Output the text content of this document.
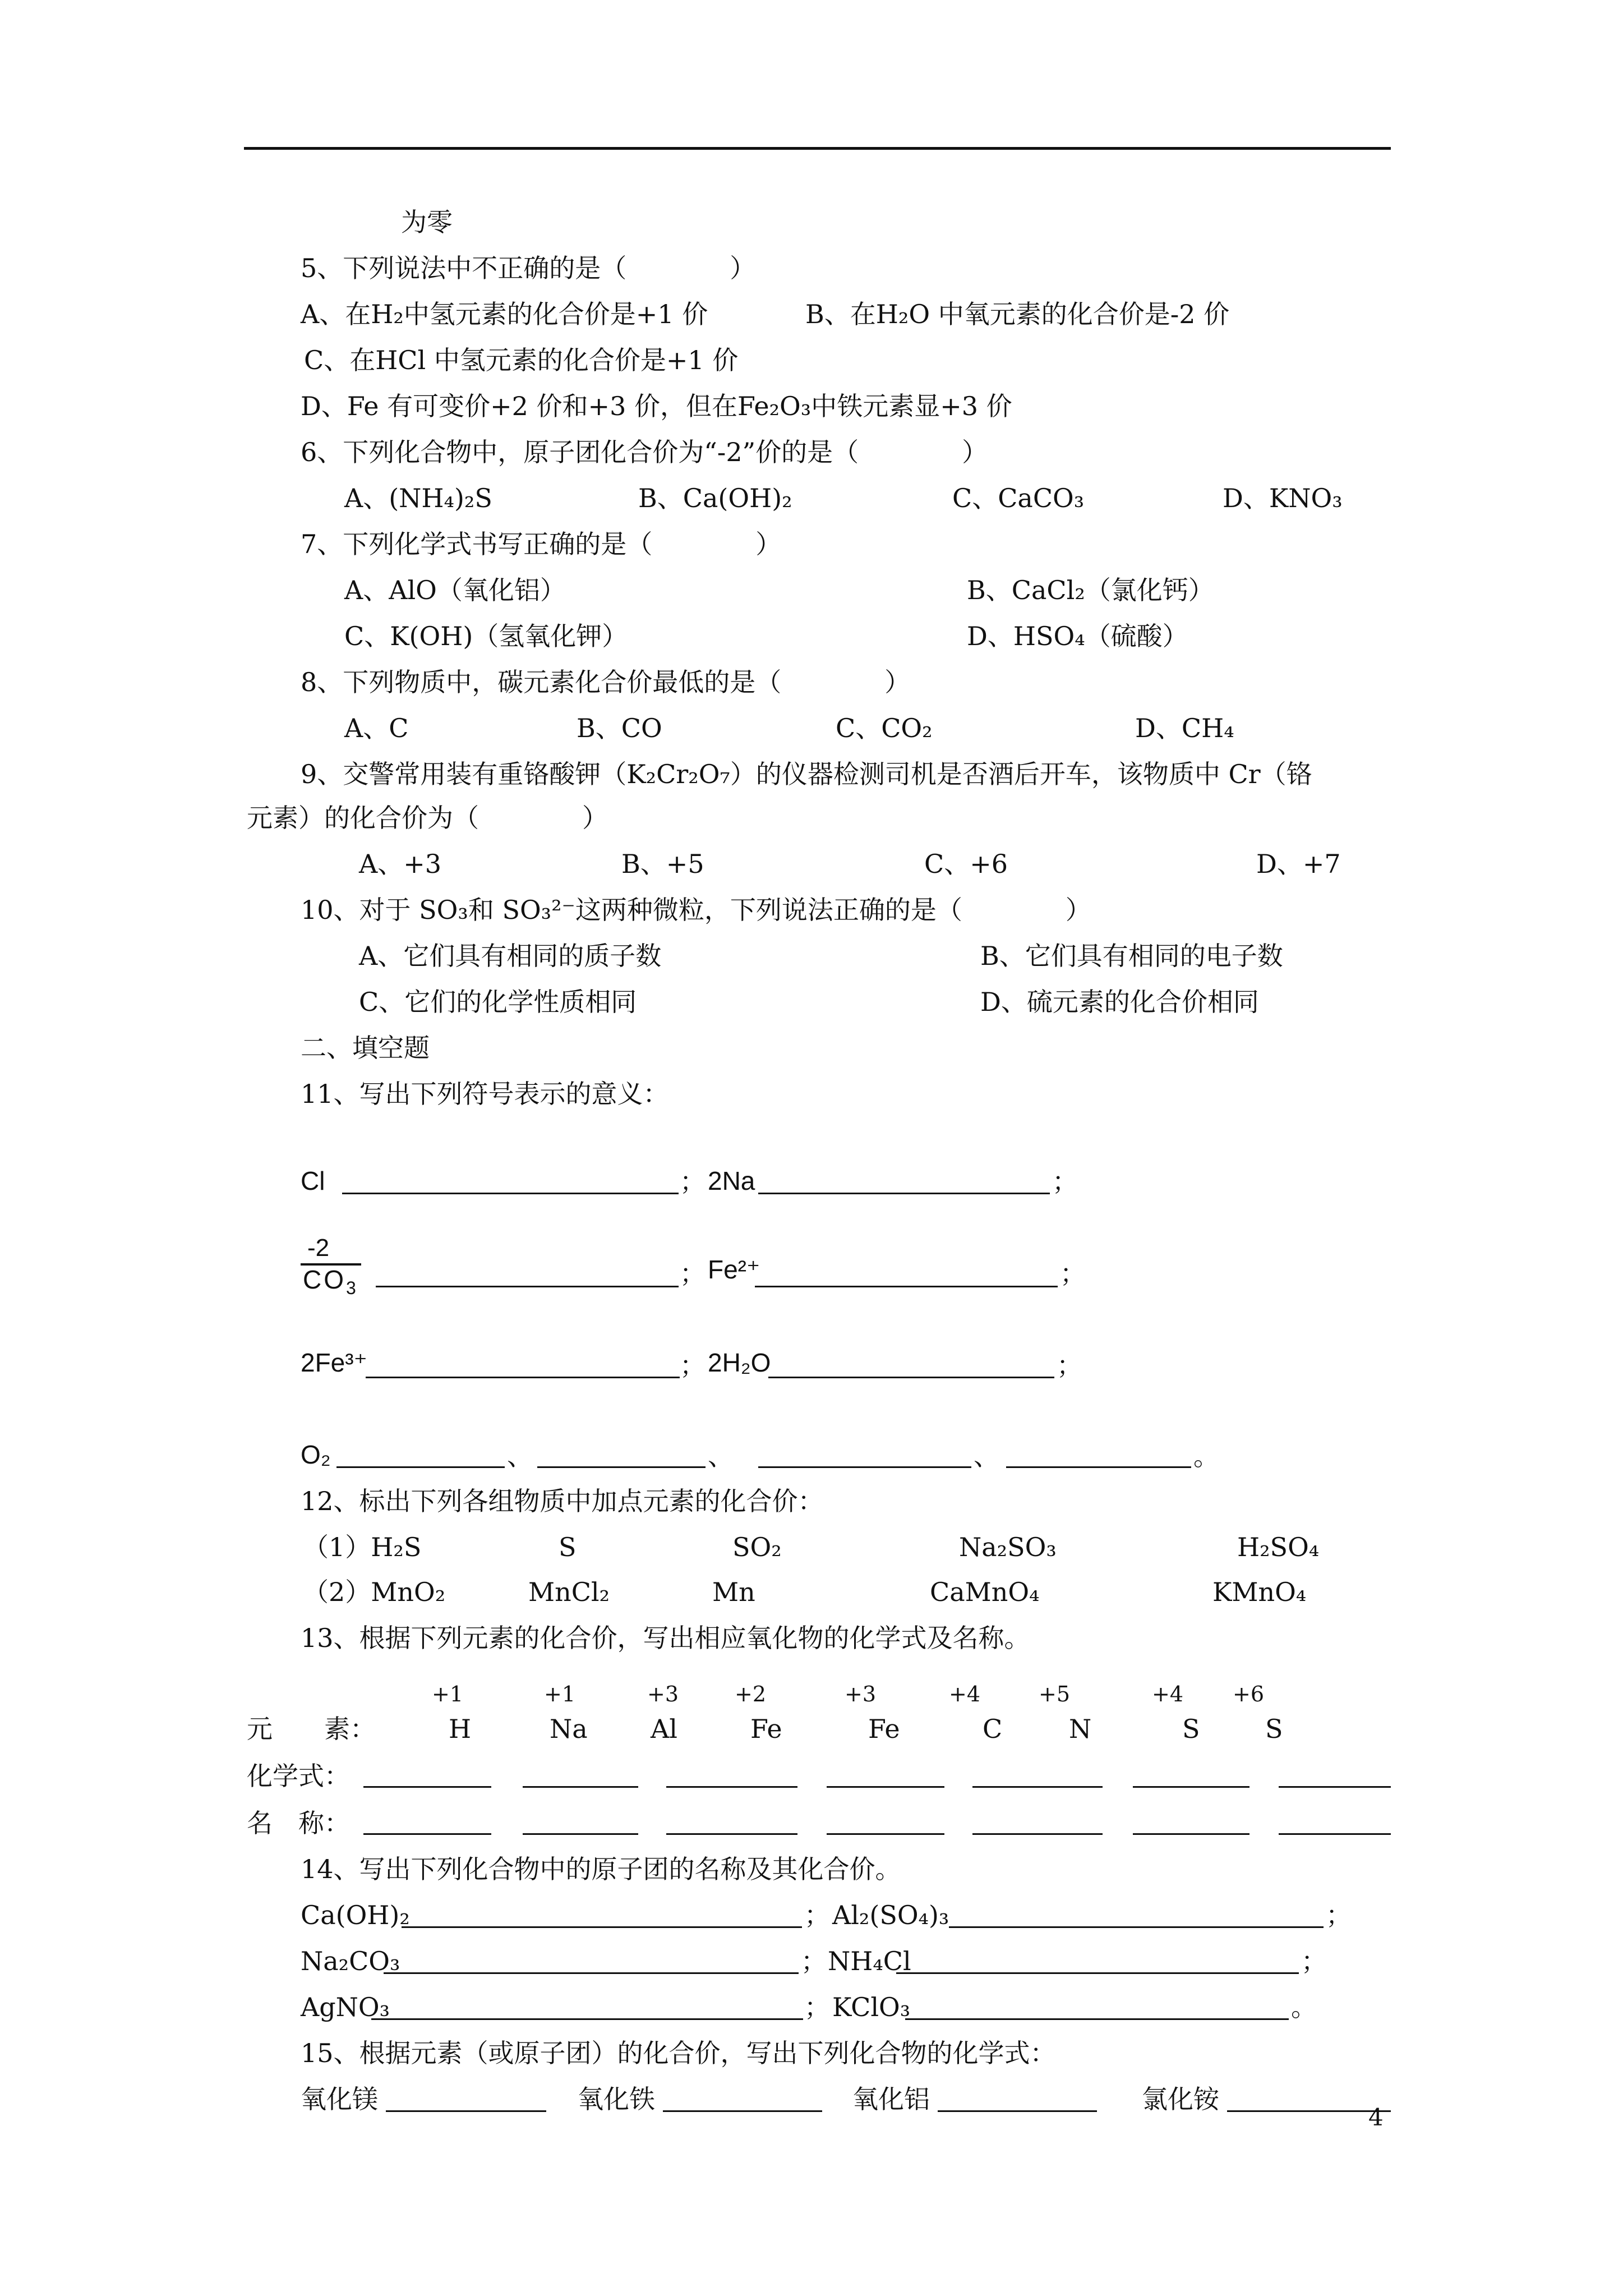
为零
5、下列说法中不正确的是（　　　　）
A、在H₂中氢元素的化合价是+1 价	B、在H₂O 中氧元素的化合价是-2 价
C、在HCl 中氢元素的化合价是+1 价
D、Fe 有可变价+2 价和+3 价，但在Fe₂O₃中铁元素显+3 价
6、下列化合物中，原子团化合价为“-2”价的是（　　　　）
A、(NH₄)₂S	B、Ca(OH)₂	C、CaCO₃	D、KNO₃
7、下列化学式书写正确的是（　　　　）
A、AlO（氧化铝）	B、CaCl₂（氯化钙）
C、K(OH)（氢氧化钾）	D、HSO₄（硫酸）
8、下列物质中，碳元素化合价最低的是（　　　　）
A、C	B、CO	C、CO₂	D、CH₄
9、交警常用装有重铬酸钾（K₂Cr₂O₇）的仪器检测司机是否酒后开车，该物质中 Cr（铬
元素）的化合价为（　　　　）
A、+3	B、+5	C、+6	D、+7
10、对于 SO₃和 SO₃²⁻这两种微粒，下列说法正确的是（　　　　）
A、它们具有相同的质子数	B、它们具有相同的电子数
C、它们的化学性质相同	D、硫元素的化合价相同
二、填空题
11、写出下列符号表示的意义：
Cl	； 2Na	；
-2
$CO_3$	； Fe²⁺	；
2Fe³⁺	； 2H₂O	；
O₂	、	、	、	。
12、标出下列各组物质中加点元素的化合价：
（1）H₂S	S	SO₂	Na₂SO₃	H₂SO₄
（2）MnO₂	MnCl₂	Mn	CaMnO₄	KMnO₄
13、根据下列元素的化合价，写出相应氧化物的化学式及名称。
+1	+1	+3	+2	+3	+4	+5	+4 +6
元　　素：	H	Na Al	Fe	Fe	C	N	S	S
化学式：
名　称：
14、写出下列化合物中的原子团的名称及其化合价。
Ca(OH)₂	； Al₂(SO₄)₃	；
Na₂CO₃	； NH₄Cl	；
AgNO₃	； KClO₃	。
15、根据元素（或原子团）的化合价，写出下列化合物的化学式：
氧化镁	氧化铁	氧化铝	氯化铵
4
